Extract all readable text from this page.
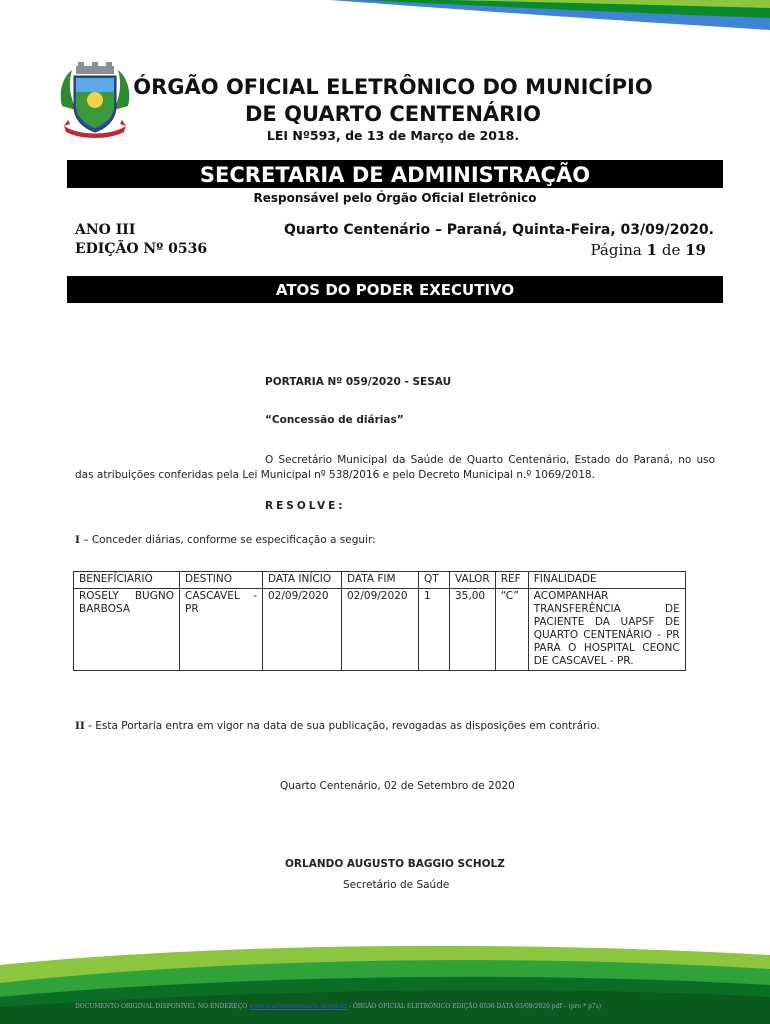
ÓRGÃO OFICIAL ELETRÔNICO DO MUNICÍPIO
DE QUARTO CENTENÁRIO
LEI Nº593, de 13 de Março de 2018.
SECRETARIA DE ADMINISTRAÇÃO
Responsável pelo Órgão Oficial Eletrônico
ANO III
EDIÇÃO Nº 0536
Quarto Centenário – Paraná, Quinta-Feira, 03/09/2020.
Página 1 de 19
ATOS DO PODER EXECUTIVO
PORTARIA Nº 059/2020 - SESAU
“Concessão de diárias”
O Secretário Municipal da Saúde de Quarto Centenário, Estado do Paraná, no uso das atribuições conferidas pela Lei Municipal nº 538/2016 e pelo Decreto Municipal n.º 1069/2018.
RESOLVE:
I – Conceder diárias, conforme se especificação a seguir:
BENEFÍCIARIO	DESTINO	DATA INÍCIO	DATA FIM	QT	VALOR	REF	FINALIDADE
ROSELY BUGNO BARBOSA	CASCAVEL - PR	02/09/2020	02/09/2020	1	35,00	“C”	ACOMPANHAR TRANSFERÊNCIA DE PACIENTE DA UAPSF DE QUARTO CENTENÁRIO - PR PARA O HOSPITAL CEONC DE CASCAVEL - PR.
II - Esta Portaria entra em vigor na data de sua publicação, revogadas as disposições em contrário.
Quarto Centenário, 02 de Setembro de 2020
ORLANDO AUGUSTO BAGGIO SCHOLZ
Secretário de Saúde
DOCUMENTO ORIGINAL DISPONÍVEL NO ENDEREÇO www.quartocentenario.pr.gov.br - ÓRGÃO OFICIAL ELETRÔNICO EDIÇÃO 0536 DATA 03/09/2020 pdf – (pro * p7s)
